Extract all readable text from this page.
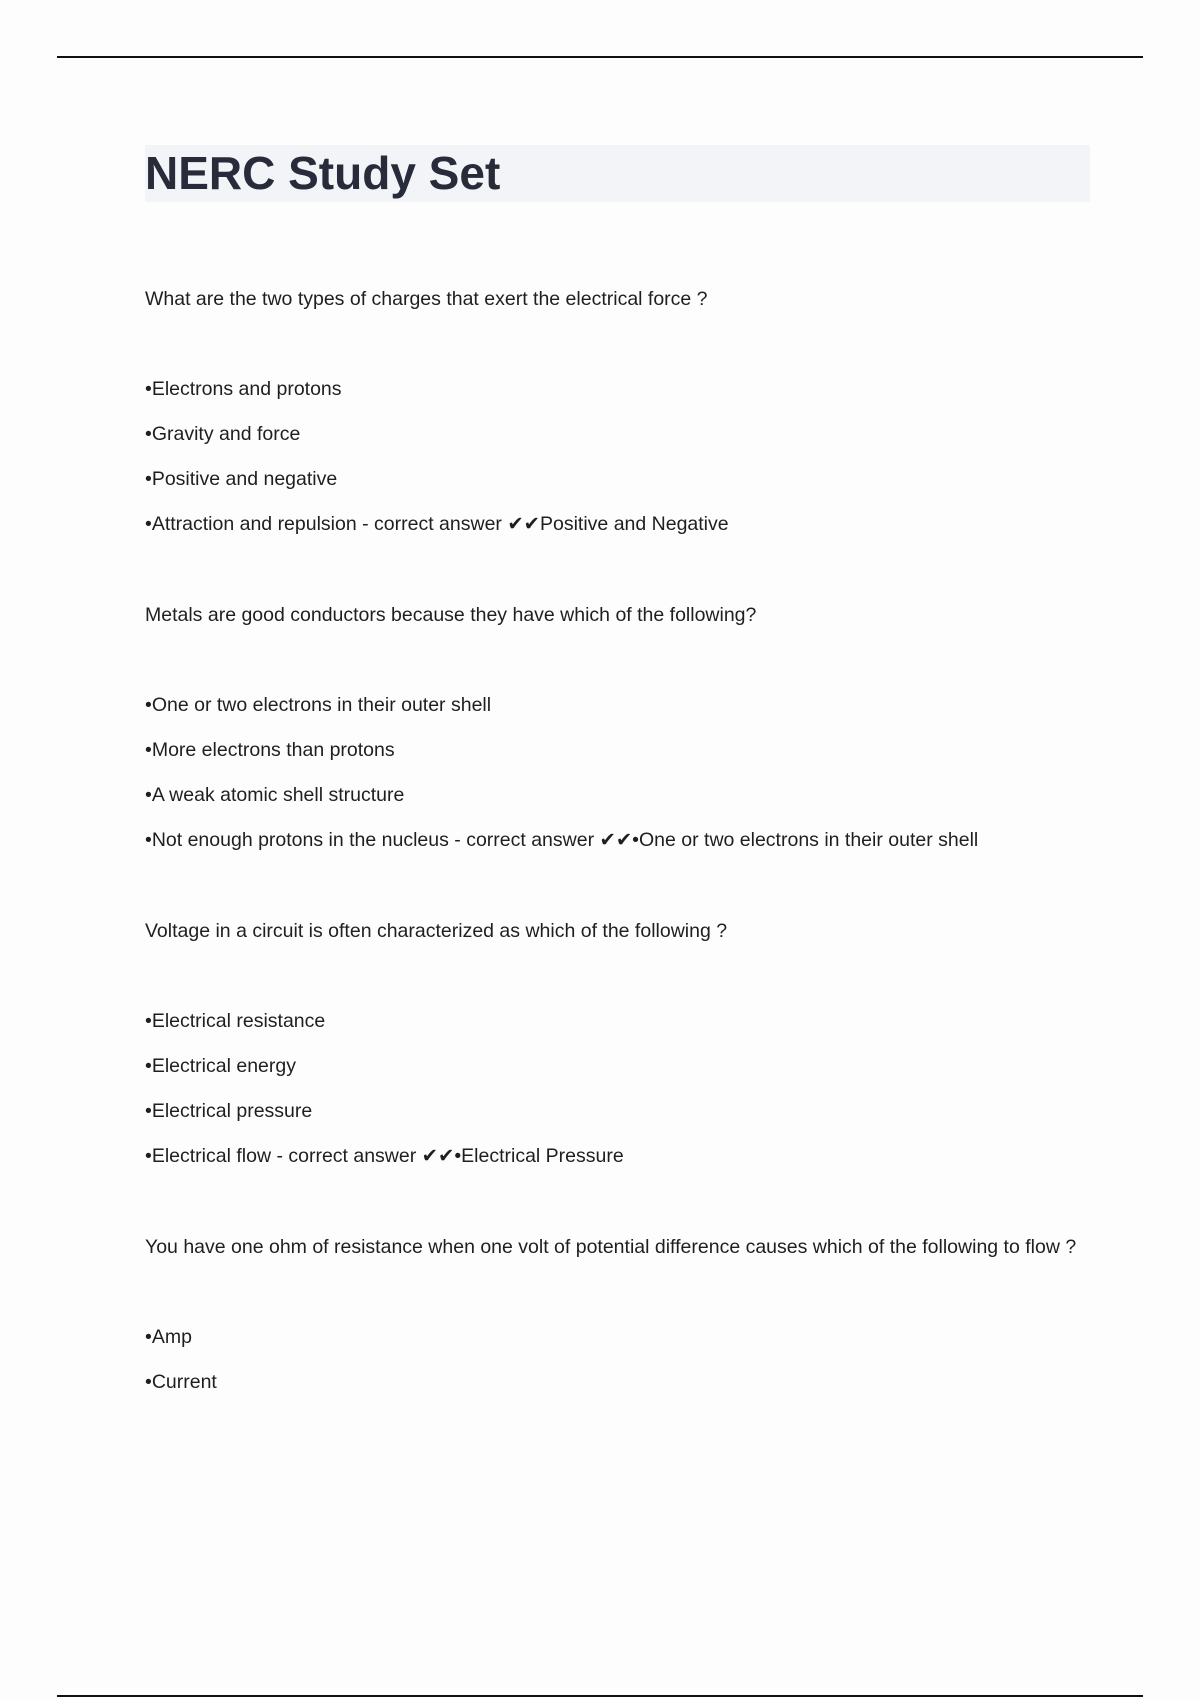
NERC Study Set

What are the two types of charges that exert the electrical force ?

•Electrons and protons
•Gravity and force
•Positive and negative
•Attraction and repulsion - correct answer ✔✔Positive and Negative

Metals are good conductors because they have which of the following?

•One or two electrons in their outer shell
•More electrons than protons
•A weak atomic shell structure
•Not enough protons in the nucleus - correct answer ✔✔•One or two electrons in their outer shell

Voltage in a circuit is often characterized as which of the following ?

•Electrical resistance
•Electrical energy
•Electrical pressure
•Electrical flow - correct answer ✔✔•Electrical Pressure

You have one ohm of resistance when one volt of potential difference causes which of the following to flow ?

•Amp
•Current
